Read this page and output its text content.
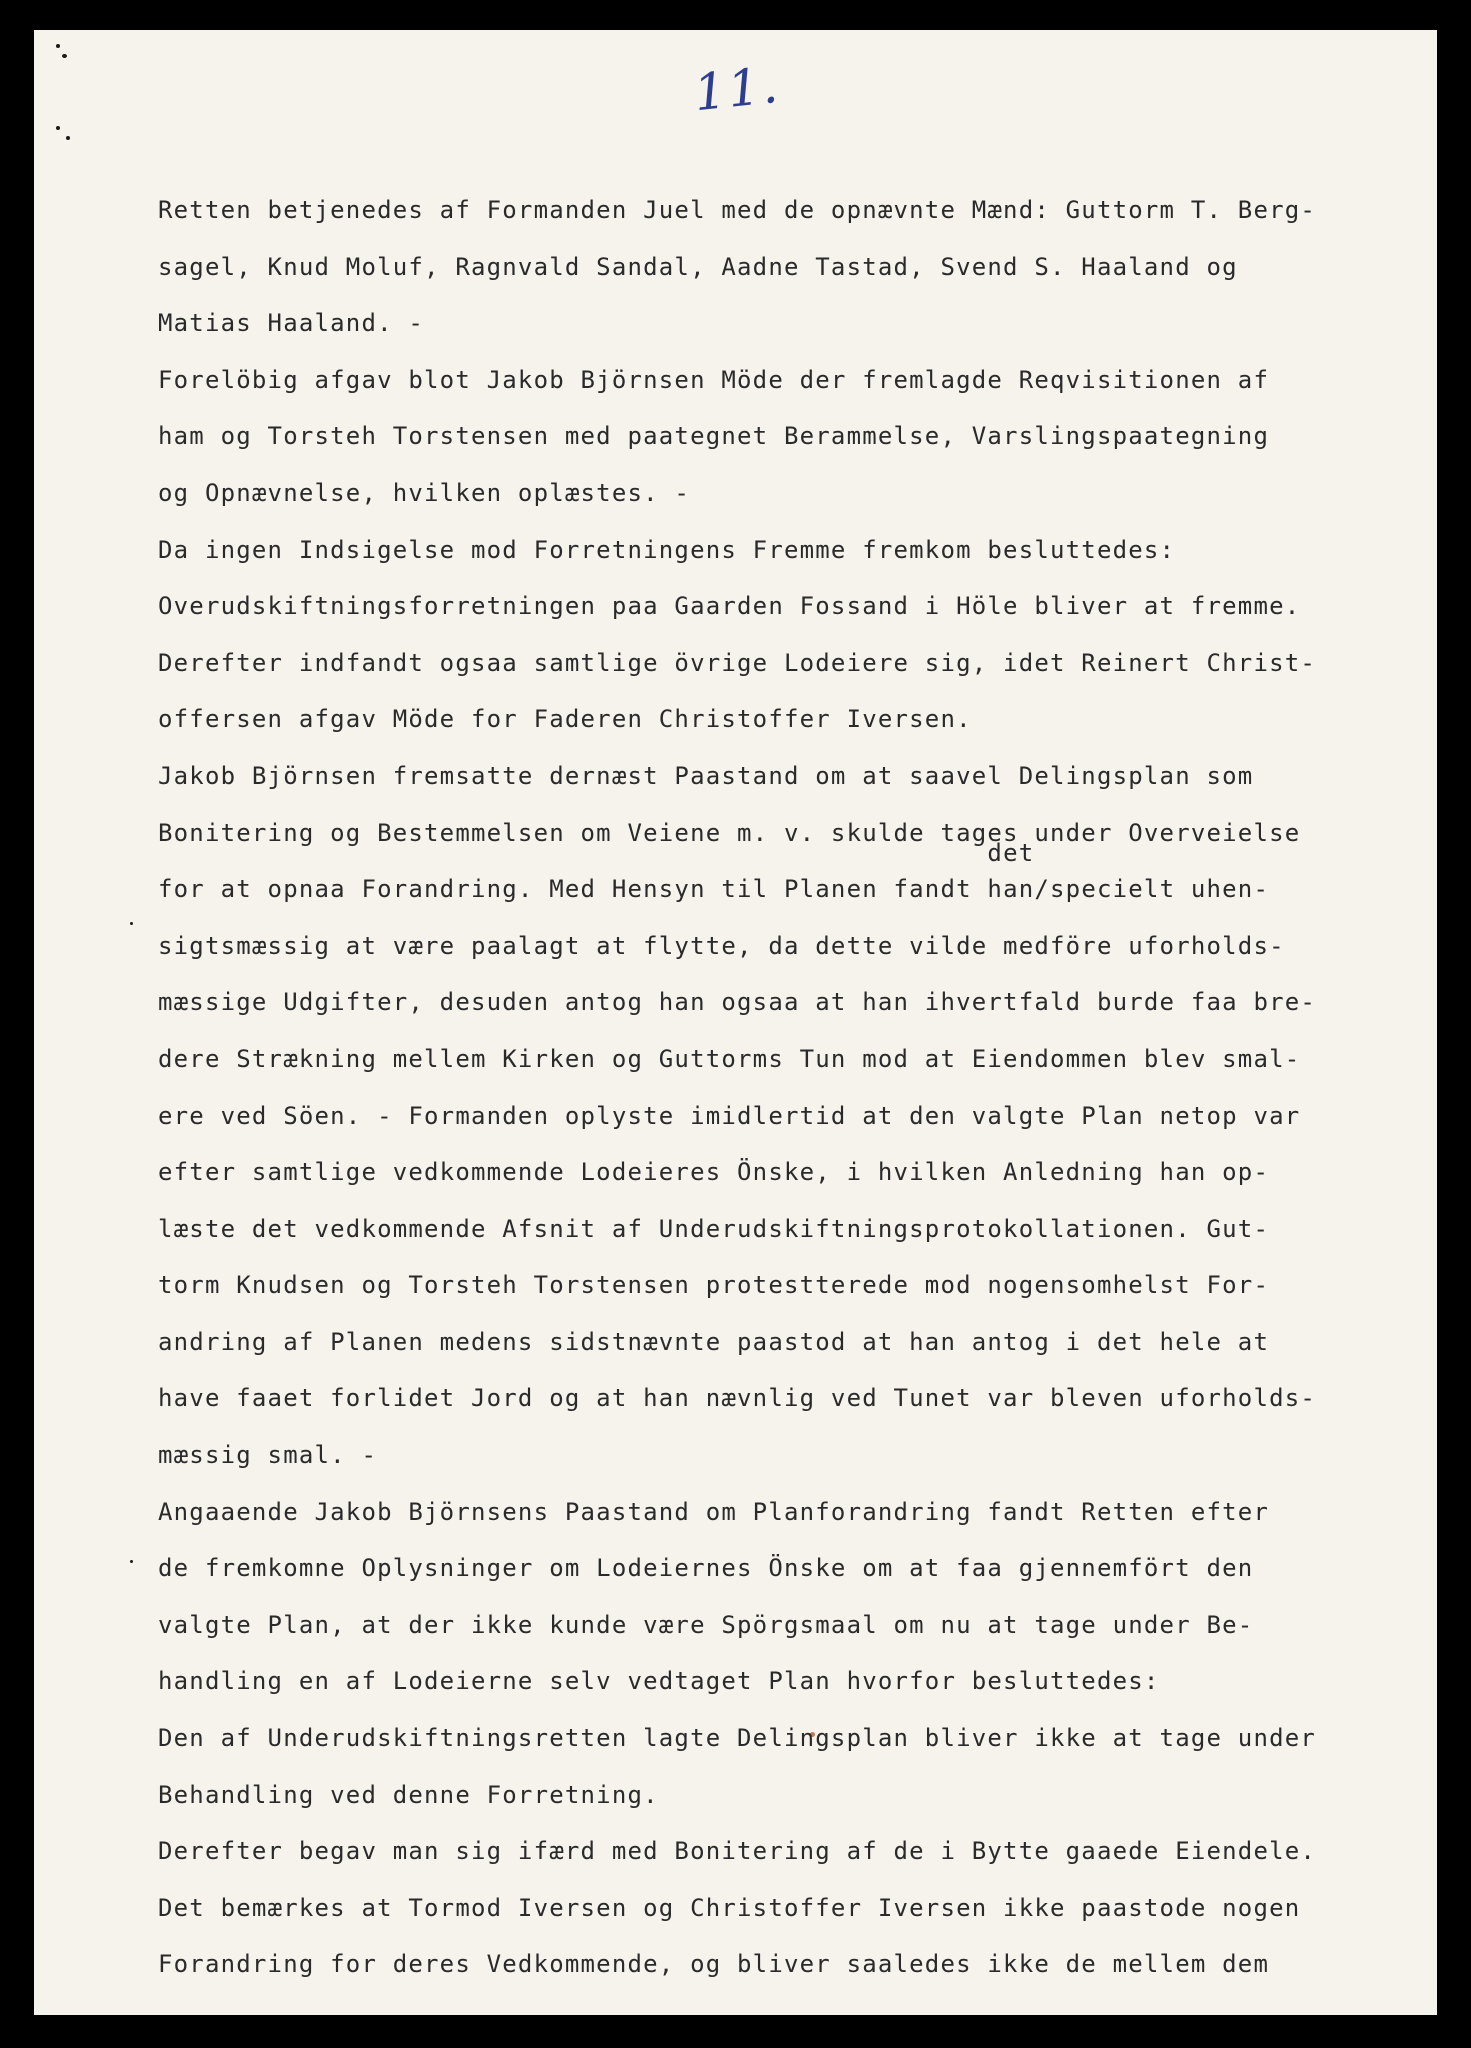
11.
Retten betjenedes af Formanden Juel med de opnævnte Mænd: Guttorm T. Berg-
sagel, Knud Moluf, Ragnvald Sandal, Aadne Tastad, Svend S. Haaland og
Matias Haaland. -
Forelöbig afgav blot Jakob Björnsen Möde der fremlagde Reqvisitionen af
ham og Torsteh Torstensen med paategnet Berammelse, Varslingspaategning
og Opnævnelse, hvilken oplæstes. -
Da ingen Indsigelse mod Forretningens Fremme fremkom besluttedes:
Overudskiftningsforretningen paa Gaarden Fossand i Höle bliver at fremme.
Derefter indfandt ogsaa samtlige övrige Lodeiere sig, idet Reinert Christ-
offersen afgav Möde for Faderen Christoffer Iversen.
Jakob Björnsen fremsatte dernæst Paastand om at saavel Delingsplan som
Bonitering og Bestemmelsen om Veiene m. v. skulde tages under Overveielse
for at opnaa Forandring. Med Hensyn til Planen fandt
det
han/specielt uhen-
sigtsmæssig at være paalagt at flytte, da dette vilde medföre uforholds-
mæssige Udgifter, desuden antog han ogsaa at han ihvertfald burde faa bre-
dere Strækning mellem Kirken og Guttorms Tun mod at Eiendommen blev smal-
ere ved Söen. - Formanden oplyste imidlertid at den valgte Plan netop var
efter samtlige vedkommende Lodeieres Önske, i hvilken Anledning han op-
læste det vedkommende Afsnit af Underudskiftningsprotokollationen. Gut-
torm Knudsen og Torsteh Torstensen protestterede mod nogensomhelst For-
andring af Planen medens sidstnævnte paastod at han antog i det hele at
have faaet forlidet Jord og at han nævnlig ved Tunet var bleven uforholds-
mæssig smal. -
Angaaende Jakob Björnsens Paastand om Planforandring fandt Retten efter
de fremkomne Oplysninger om Lodeiernes Önske om at faa gjennemfört den
valgte Plan, at der ikke kunde være Spörgsmaal om nu at tage under Be-
handling en af Lodeierne selv vedtaget Plan hvorfor besluttedes:
Den af Underudskiftningsretten lagte Delingsplan bliver ikke at tage under
Behandling ved denne Forretning.
Derefter begav man sig ifærd med Bonitering af de i Bytte gaaede Eiendele.
Det bemærkes at Tormod Iversen og Christoffer Iversen ikke paastode nogen
Forandring for deres Vedkommende, og bliver saaledes ikke de mellem dem
